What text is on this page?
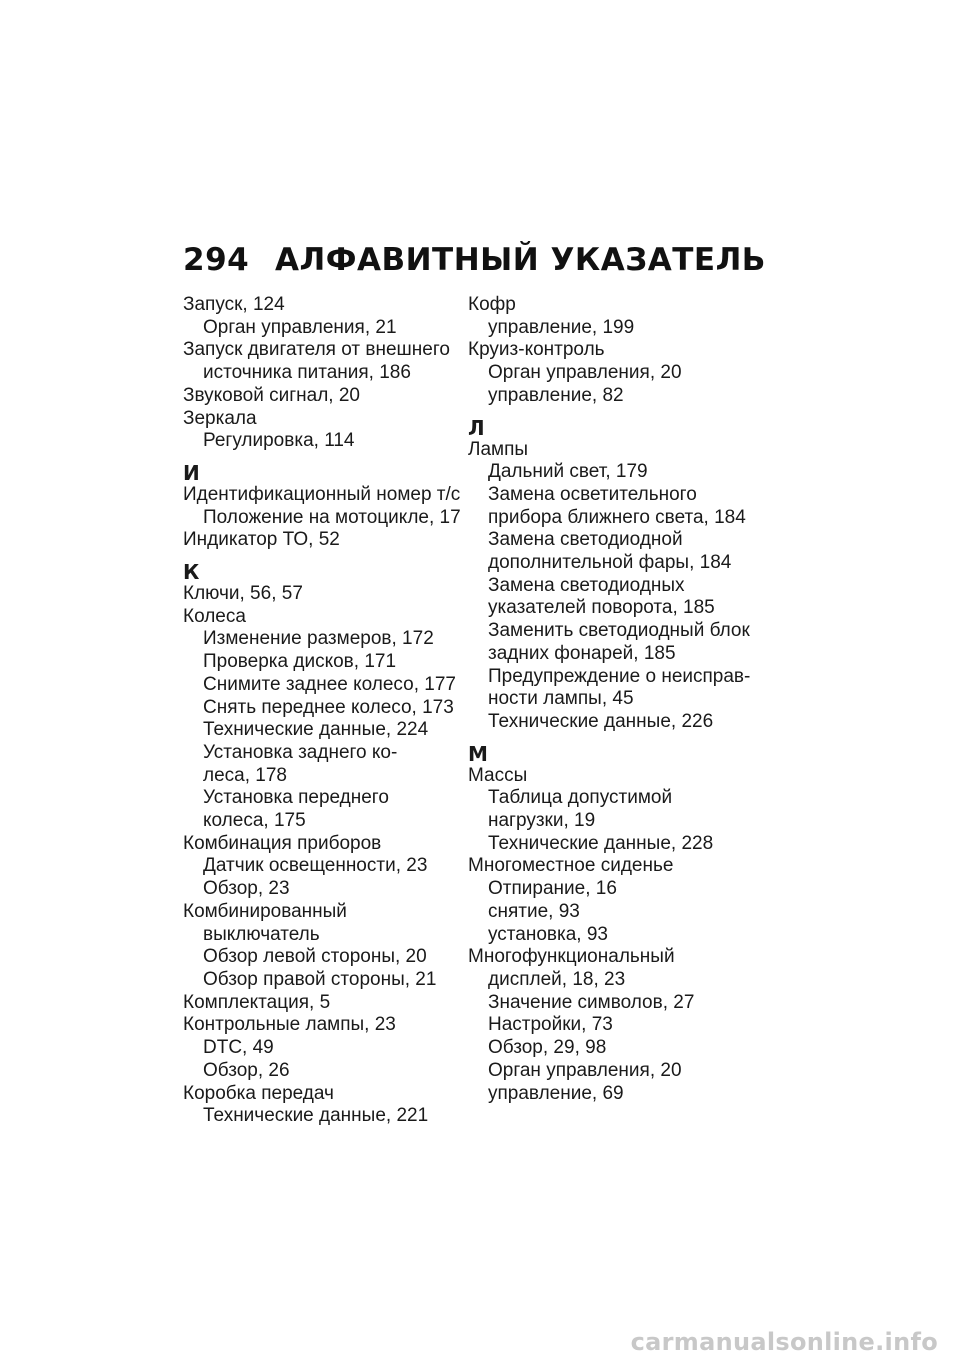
294 АЛФАВИТНЫЙ УКАЗАТЕЛЬ
Запуск, 124
Орган управления, 21
Запуск двигателя от внешнего
источника питания, 186
Звуковой сигнал, 20
Зеркала
Регулировка, 114
И
Идентификационный номер т/с
Положение на мотоцикле, 17
Индикатор ТО, 52
К
Ключи, 56, 57
Колеса
Изменение размеров, 172
Проверка дисков, 171
Снимите заднее колесо, 177
Снять переднее колесо, 173
Технические данные, 224
Установка заднего ко-
леса, 178
Установка переднего
колеса, 175
Комбинация приборов
Датчик освещенности, 23
Обзор, 23
Комбинированный
выключатель
Обзор левой стороны, 20
Обзор правой стороны, 21
Комплектация, 5
Контрольные лампы, 23
DTC, 49
Обзор, 26
Коробка передач
Технические данные, 221
Кофр
управление, 199
Круиз-контроль
Орган управления, 20
управление, 82
Л
Лампы
Дальний свет, 179
Замена осветительного
прибора ближнего света, 184
Замена светодиодной
дополнительной фары, 184
Замена светодиодных
указателей поворота, 185
Заменить светодиодный блок
задних фонарей, 185
Предупреждение о неисправ-
ности лампы, 45
Технические данные, 226
М
Массы
Таблица допустимой
нагрузки, 19
Технические данные, 228
Многоместное сиденье
Отпирание, 16
снятие, 93
установка, 93
Многофункциональный
дисплей, 18, 23
Значение символов, 27
Настройки, 73
Обзор, 29, 98
Орган управления, 20
управление, 69
carmanualsonline.info
